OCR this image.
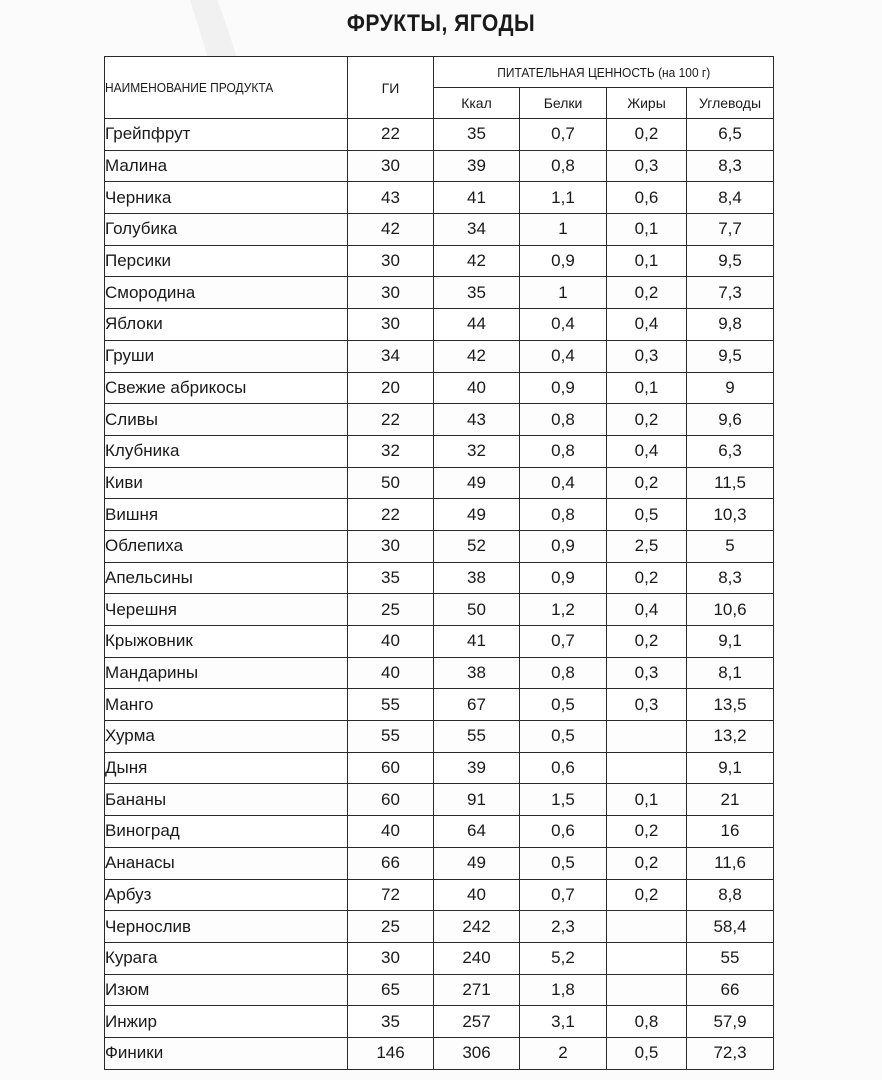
ФРУКТЫ, ЯГОДЫ
НАИМЕНОВАНИЕ ПРОДУКТА	ГИ	ПИТАТЕЛЬНАЯ ЦЕННОСТЬ (на 100 г)			
		Ккал	Белки	Жиры	Углеводы
Грейпфрут	22	35	0,7	0,2	6,5
Малина	30	39	0,8	0,3	8,3
Черника	43	41	1,1	0,6	8,4
Голубика	42	34	1	0,1	7,7
Персики	30	42	0,9	0,1	9,5
Смородина	30	35	1	0,2	7,3
Яблоки	30	44	0,4	0,4	9,8
Груши	34	42	0,4	0,3	9,5
Свежие абрикосы	20	40	0,9	0,1	9
Сливы	22	43	0,8	0,2	9,6
Клубника	32	32	0,8	0,4	6,3
Киви	50	49	0,4	0,2	11,5
Вишня	22	49	0,8	0,5	10,3
Облепиха	30	52	0,9	2,5	5
Апельсины	35	38	0,9	0,2	8,3
Черешня	25	50	1,2	0,4	10,6
Крыжовник	40	41	0,7	0,2	9,1
Мандарины	40	38	0,8	0,3	8,1
Манго	55	67	0,5	0,3	13,5
Хурма	55	55	0,5		13,2
Дыня	60	39	0,6		9,1
Бананы	60	91	1,5	0,1	21
Виноград	40	64	0,6	0,2	16
Ананасы	66	49	0,5	0,2	11,6
Арбуз	72	40	0,7	0,2	8,8
Чернослив	25	242	2,3		58,4
Курага	30	240	5,2		55
Изюм	65	271	1,8		66
Инжир	35	257	3,1	0,8	57,9
Финики	146	306	2	0,5	72,3
